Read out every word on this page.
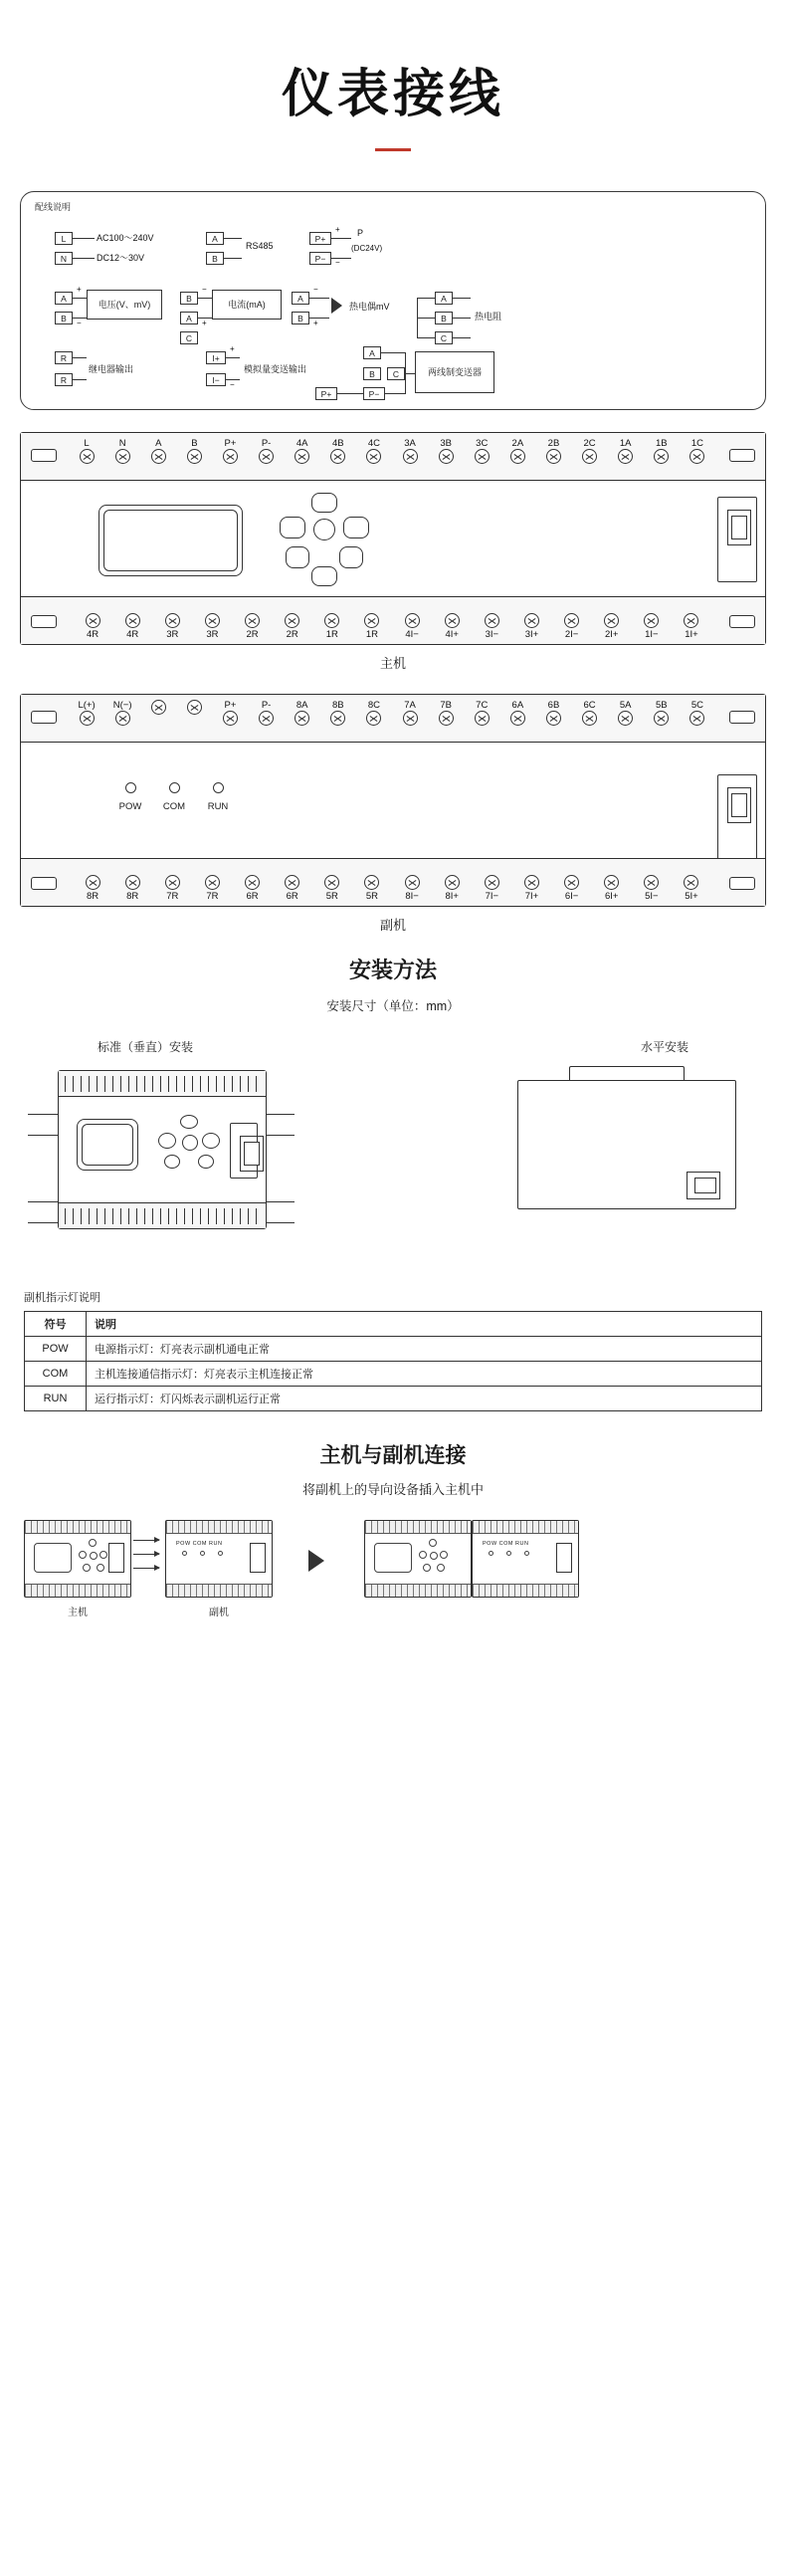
仪表接线
配线说明
L	AC100～240V
N	DC12～30V
A
B
RS485
P+
+
P−	−
P
(DC24V)
A
B
+
−
电压(V、mV)
B
A
C
−
+
电流(mA)
A
B
−
+
热电偶mV
A
B
C
热电阻
R
R
继电器输出
I+
I−
+
−
模拟量变送输出
A
B	C
P+	P−
两线制变送器
L	N	A	B	P+	P-	4A	4B	4C	3A	3B	3C	2A	2B	2C	1A	1B	1C
4R	4R	3R	3R	2R	2R	1R	1R	4I−	4I+	3I−	3I+	2I−	2I+	1I−	1I+
主机
L(+)	N(−)	P+	P-	8A	8B	8C	7A	7B	7C	6A	6B	6C	5A	5B	5C
POW	COM	RUN
8R	8R	7R	7R	6R	6R	5R	5R	8I−	8I+	7I−	7I+	6I−	6I+	5I−	5I+
副机
安装方法
安装尺寸（单位：mm）
标准（垂直）安装	水平安装
副机指示灯说明
符号	说明
POW	电源指示灯：灯亮表示副机通电正常
COM	主机连接通信指示灯：灯亮表示主机连接正常
RUN	运行指示灯：灯闪烁表示副机运行正常
主机与副机连接
将副机上的导向设备插入主机中
主机
POW COM RUN
副机
POW COM RUN
